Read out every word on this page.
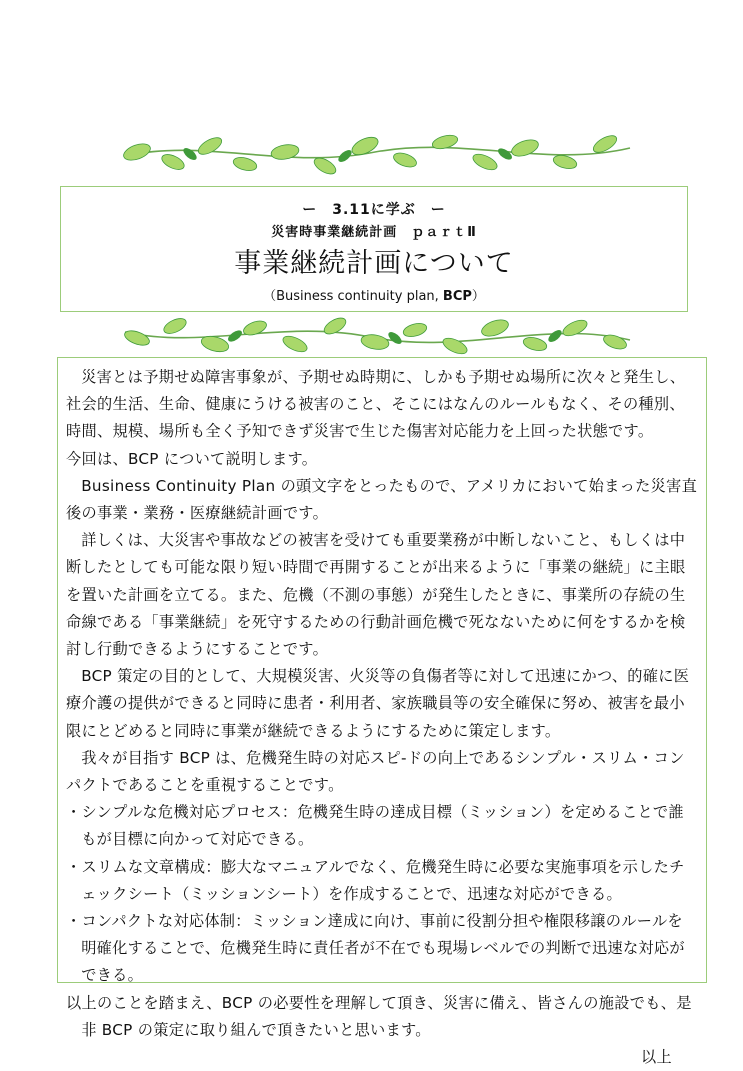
ー　3.11に学ぶ　ー
災害時事業継続計画　ｐａｒｔⅡ
事業継続計画について
（Business continuity plan, BCP）

災害とは予期せぬ障害事象が、予期せぬ時期に、しかも予期せぬ場所に次々と発生し、社会的生活、生命、健康にうける被害のこと、そこにはなんのルールもなく、その種別、時間、規模、場所も全く予知できず災害で生じた傷害対応能力を上回った状態です。

今回は、BCP について説明します。

Business Continuity Plan の頭文字をとったもので、アメリカにおいて始まった災害直後の事業・業務・医療継続計画です。

詳しくは、大災害や事故などの被害を受けても重要業務が中断しないこと、もしくは中断したとしても可能な限り短い時間で再開することが出来るように「事業の継続」に主眼を置いた計画を立てる。また、危機（不測の事態）が発生したときに、事業所の存続の生命線である「事業継続」を死守するための行動計画危機で死なないために何をするかを検討し行動できるようにすることです。

BCP 策定の目的として、大規模災害、火災等の負傷者等に対して迅速にかつ、的確に医療介護の提供ができると同時に患者・利用者、家族職員等の安全確保に努め、被害を最小限にとどめると同時に事業が継続できるようにするために策定します。

我々が目指す BCP は、危機発生時の対応スピ-ドの向上であるシンプル・スリム・コンパクトであることを重視することです。

・シンプルな危機対応プロセス：危機発生時の達成目標（ミッション）を定めることで誰もが目標に向かって対応できる。

・スリムな文章構成：膨大なマニュアルでなく、危機発生時に必要な実施事項を示したチェックシート（ミッションシート）を作成することで、迅速な対応ができる。

・コンパクトな対応体制：ミッション達成に向け、事前に役割分担や権限移譲のルールを明確化することで、危機発生時に責任者が不在でも現場レベルでの判断で迅速な対応ができる。

以上のことを踏まえ、BCP の必要性を理解して頂き、災害に備え、皆さんの施設でも、是非 BCP の策定に取り組んで頂きたいと思います。

以上
